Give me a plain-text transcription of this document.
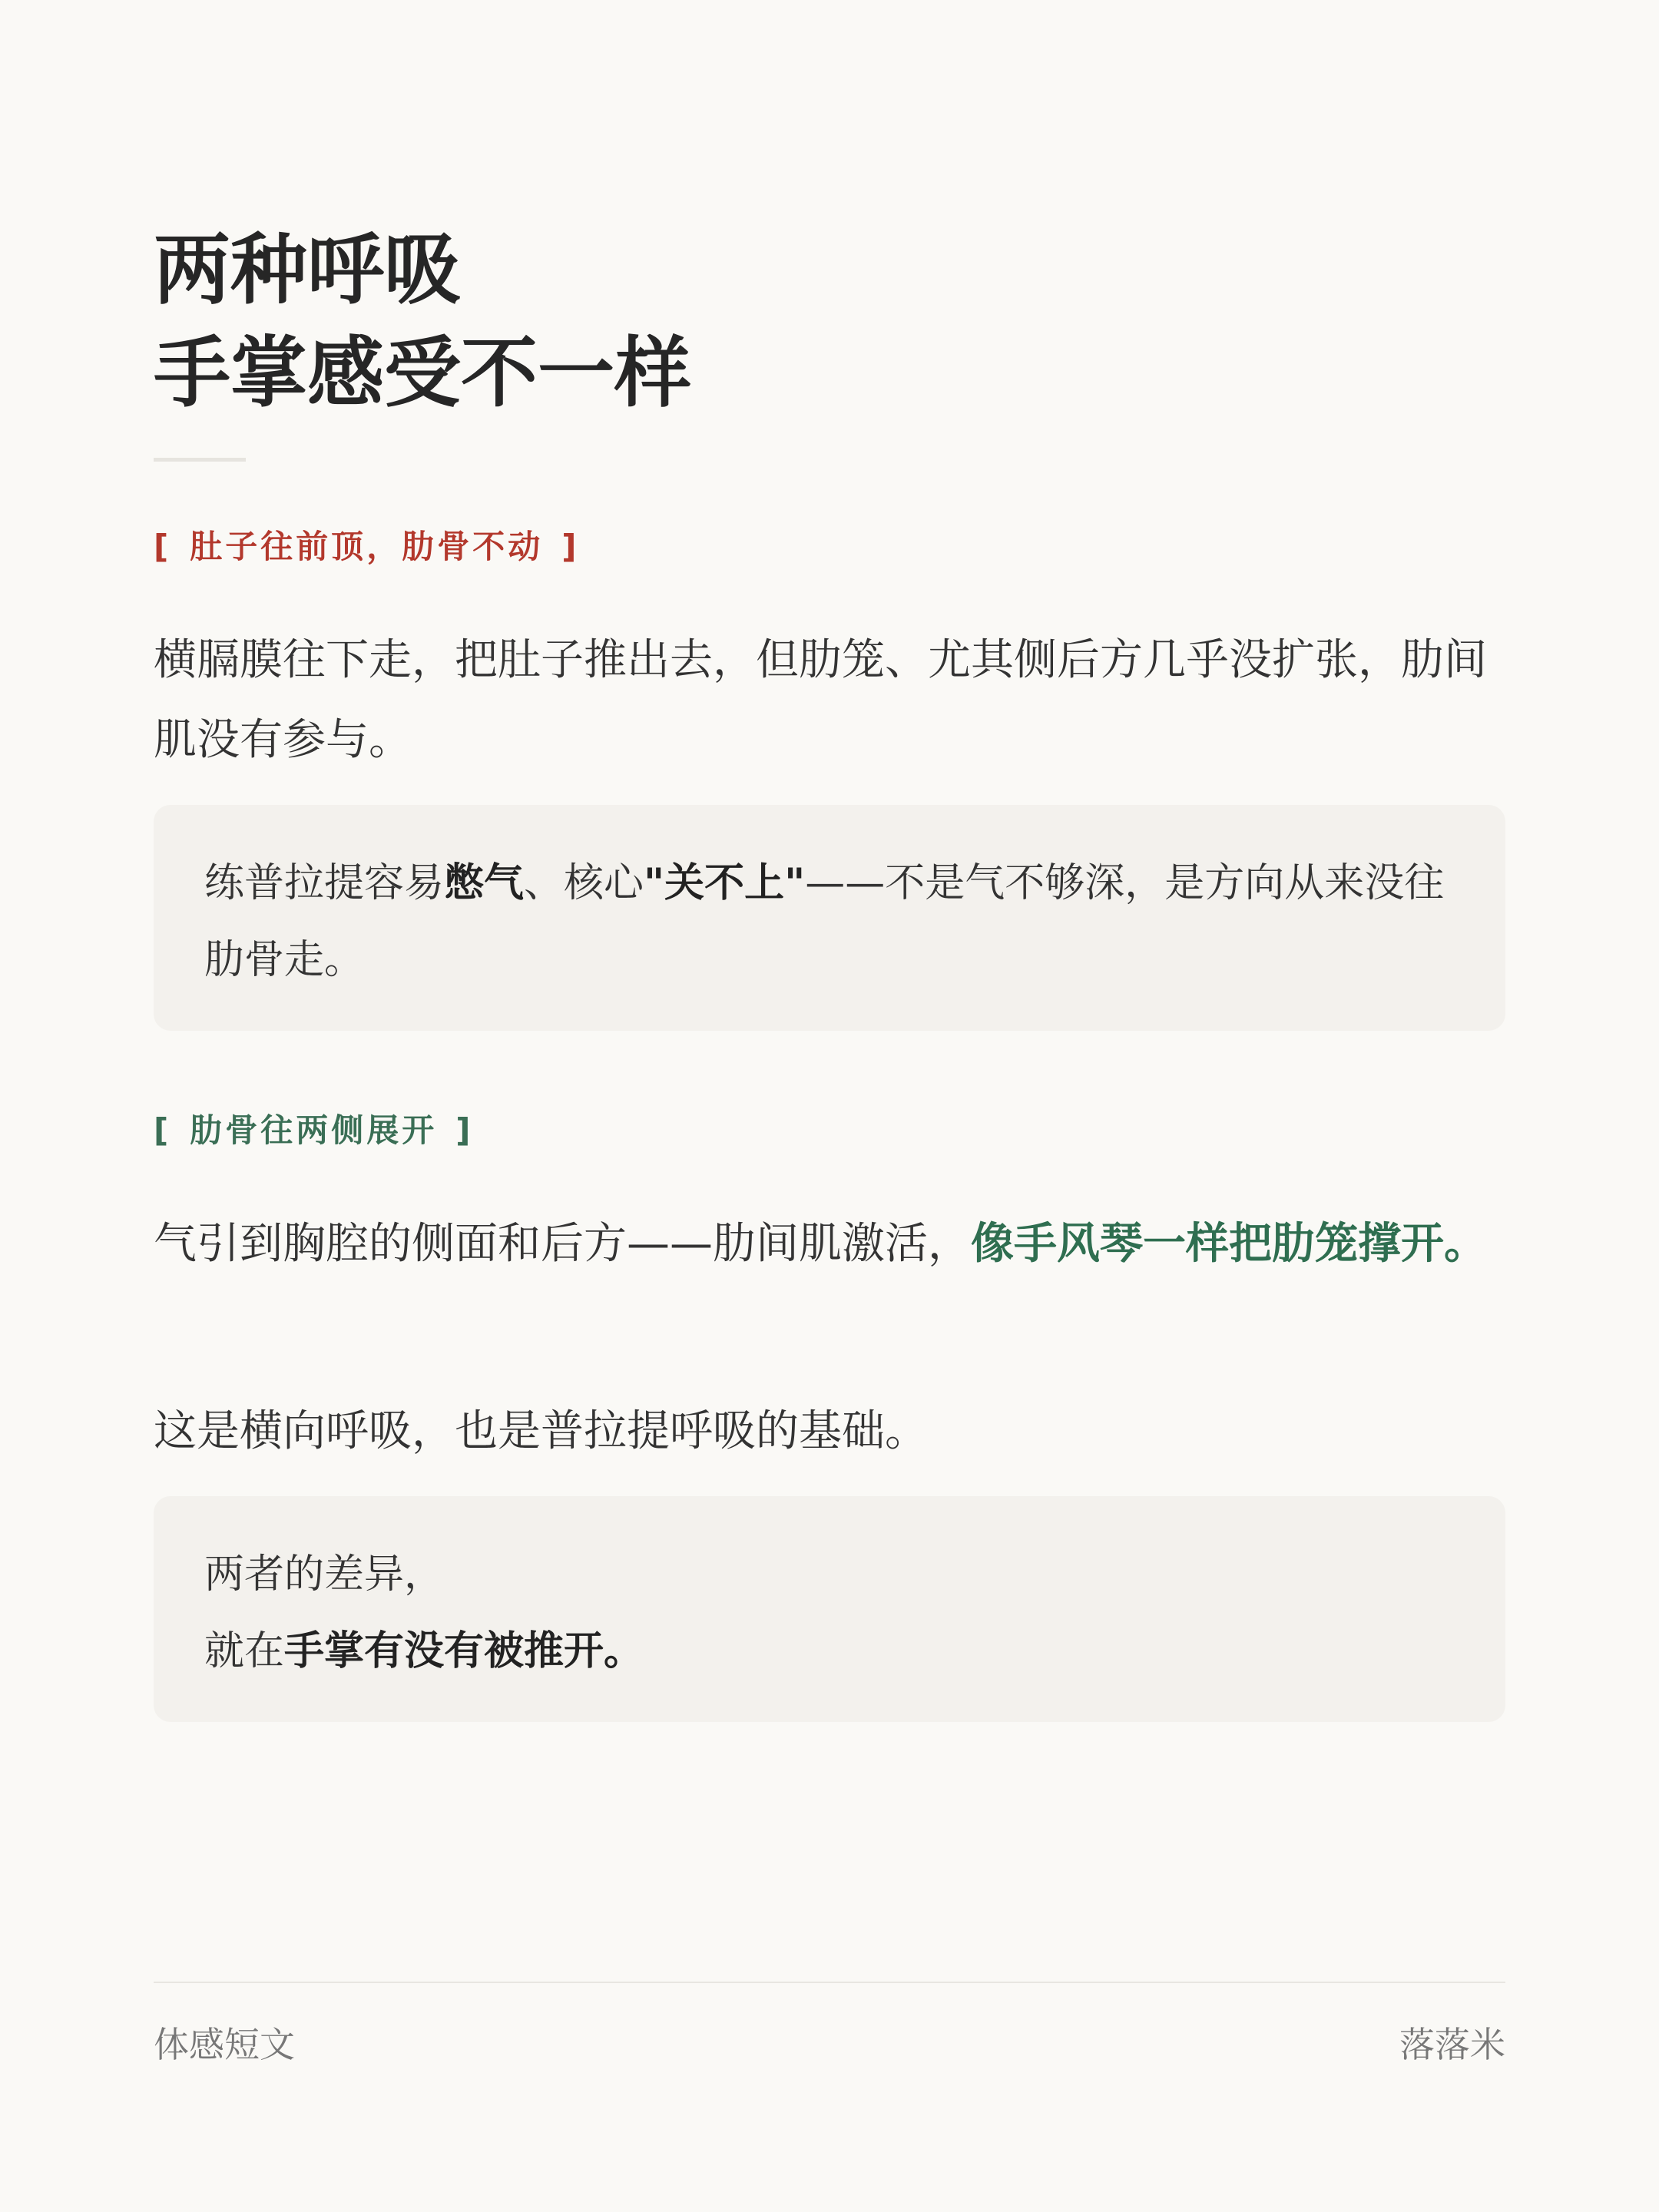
两种呼吸
手掌感受不一样
[ 肚子往前顶，肋骨不动 ]

横膈膜往下走，把肚子推出去，但肋笼、尤其侧后方几乎没扩张，肋间肌没有参与。

练普拉提容易憋气、核心"关不上"——不是气不够深，是方向从来没往肋骨走。

[ 肋骨往两侧展开 ]

气引到胸腔的侧面和后方——肋间肌激活，像手风琴一样把肋笼撑开。

这是横向呼吸，也是普拉提呼吸的基础。

两者的差异，

就在手掌有没有被推开。

体感短文	落落米
